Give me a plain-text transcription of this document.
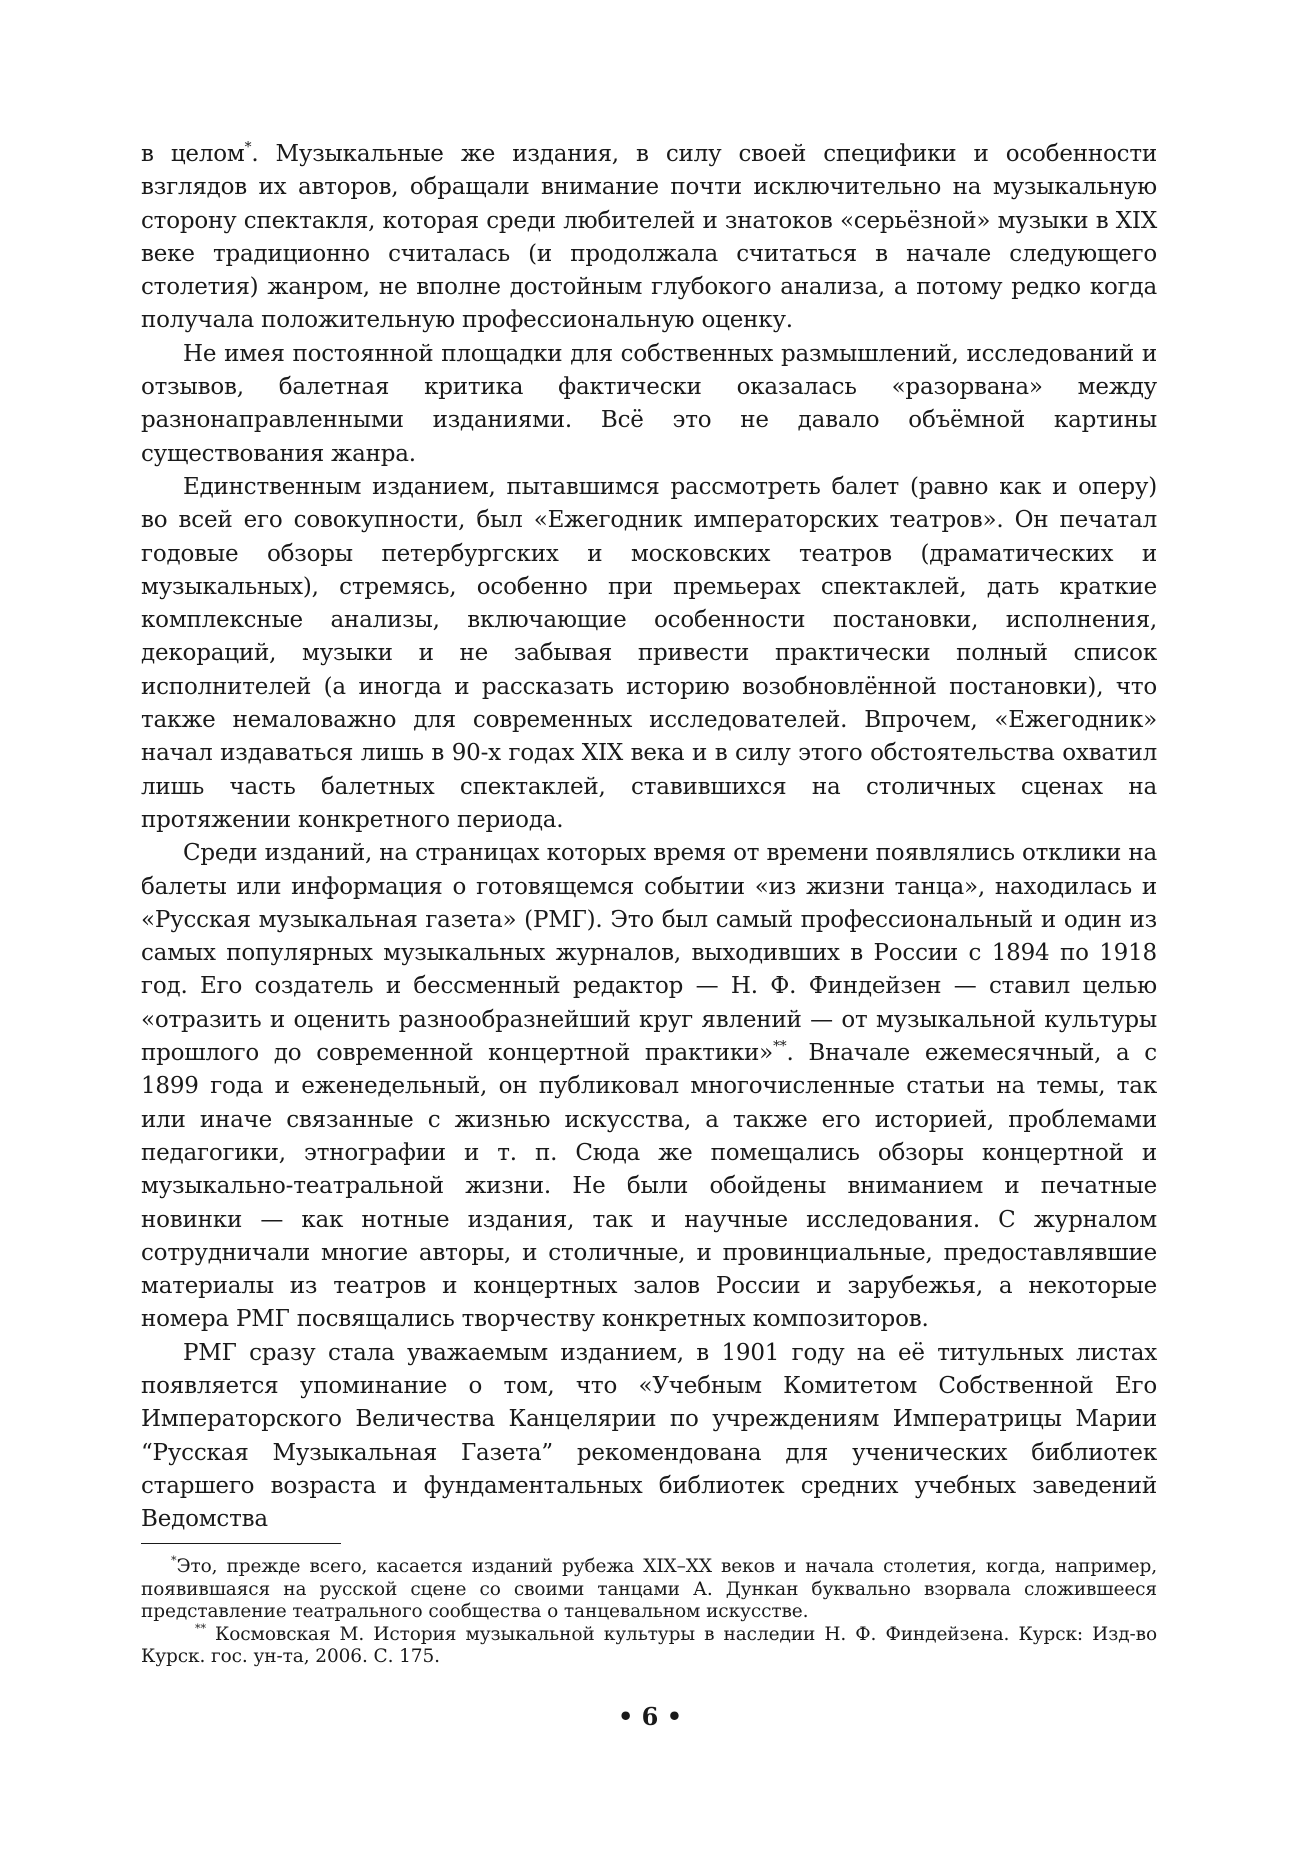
в целом*. Музыкальные же издания, в силу своей специфики и особенности взглядов их авторов, обращали внимание почти исключительно на музыкальную сторону спектакля, которая среди любителей и знатоков «серьёзной» музыки в XIX веке традиционно считалась (и продолжала считаться в начале следующего столетия) жанром, не вполне достойным глубокого анализа, а потому редко когда получала положительную профессиональную оценку.

Не имея постоянной площадки для собственных размышлений, исследований и отзывов, балетная критика фактически оказалась «разорвана» между разнонаправленными изданиями. Всё это не давало объёмной картины существования жанра.

Единственным изданием, пытавшимся рассмотреть балет (равно как и оперу) во всей его совокупности, был «Ежегодник императорских театров». Он печатал годовые обзоры петербургских и московских театров (драматических и музыкальных), стремясь, особенно при премьерах спектаклей, дать краткие комплексные анализы, включающие особенности постановки, исполнения, декораций, музыки и не забывая привести практически полный список исполнителей (а иногда и рассказать историю возобновлённой постановки), что также немаловажно для современных исследователей. Впрочем, «Ежегодник» начал издаваться лишь в 90-х годах XIX века и в силу этого обстоятельства охватил лишь часть балетных спектаклей, ставившихся на столичных сценах на протяжении конкретного периода.

Среди изданий, на страницах которых время от времени появлялись отклики на балеты или информация о готовящемся событии «из жизни танца», находилась и «Русская музыкальная газета» (РМГ). Это был самый профессиональный и один из самых популярных музыкальных журналов, выходивших в России с 1894 по 1918 год. Его создатель и бессменный редактор — Н. Ф. Финдейзен — ставил целью «отразить и оценить разнообразнейший круг явлений — от музыкальной культуры прошлого до современной концертной практики»**. Вначале ежемесячный, а с 1899 года и еженедельный, он публиковал многочисленные статьи на темы, так или иначе связанные с жизнью искусства, а также его историей, проблемами педагогики, этнографии и т. п. Сюда же помещались обзоры концертной и музыкально-театральной жизни. Не были обойдены вниманием и печатные новинки — как нотные издания, так и научные исследования. С журналом сотрудничали многие авторы, и столичные, и провинциальные, предоставлявшие материалы из театров и концертных залов России и зарубежья, а некоторые номера РМГ посвящались творчеству конкретных композиторов.

РМГ сразу стала уважаемым изданием, в 1901 году на её титульных листах появляется упоминание о том, что «Учебным Комитетом Собственной Его Императорского Величества Канцелярии по учреждениям Императрицы Марии “Русская Музыкальная Газета” рекомендована для ученических библиотек старшего возраста и фундаментальных библиотек средних учебных заведений Ведомства

*Это, прежде всего, касается изданий рубежа XIX–XX веков и начала столетия, когда, например, появившаяся на русской сцене со своими танцами А. Дункан буквально взорвала сложившееся представление театрального сообщества о танцевальном искусстве.

** Космовская М. История музыкальной культуры в наследии Н. Ф. Финдейзена. Курск: Изд-во Курск. гос. ун-та, 2006. С. 175.

• 6 •
